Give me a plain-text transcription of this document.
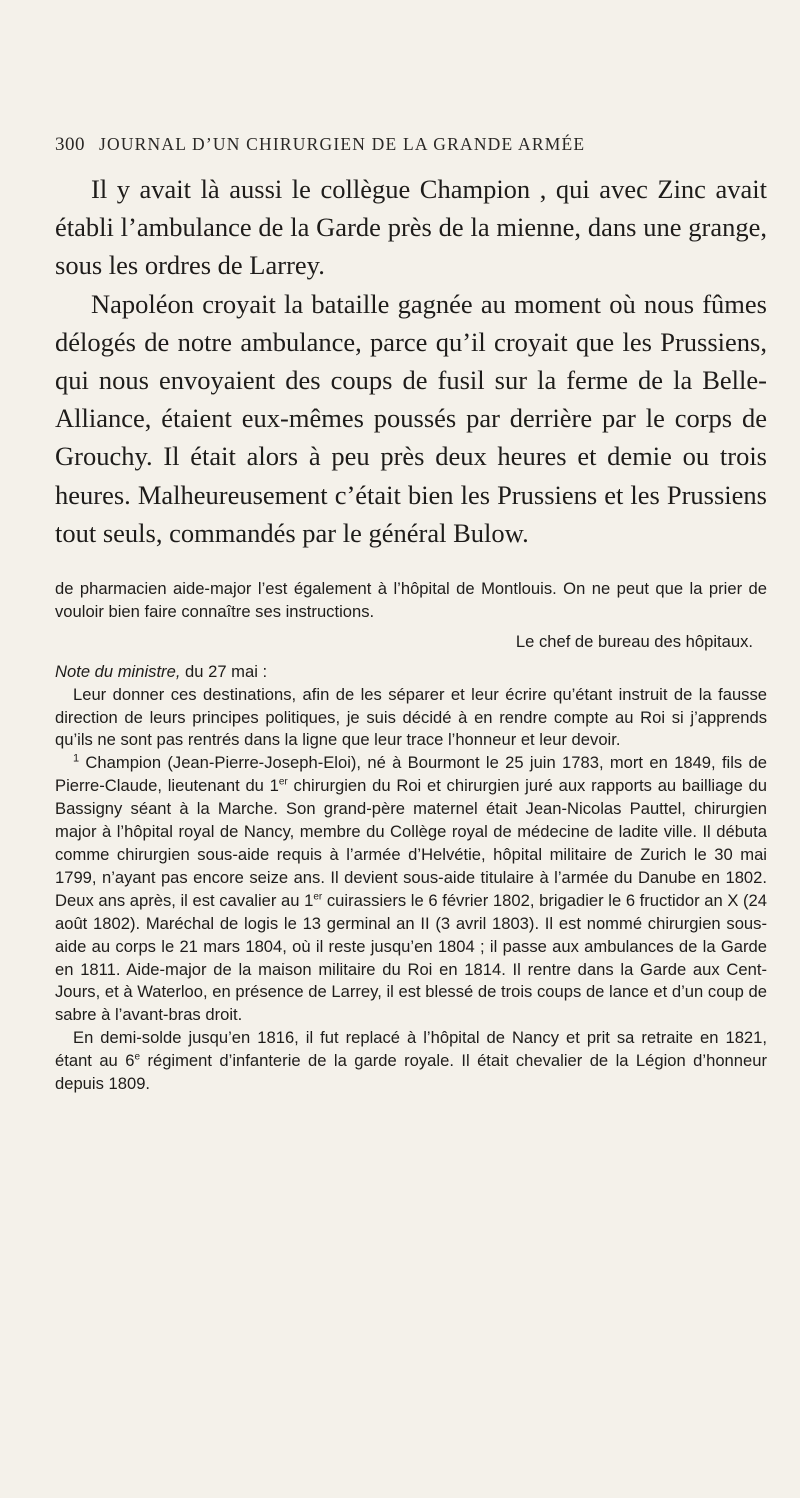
300 JOURNAL D’UN CHIRURGIEN DE LA GRANDE ARMÉE

Il y avait là aussi le collègue Champion , qui avec Zinc avait établi l’ambulance de la Garde près de la mienne, dans une grange, sous les ordres de Larrey.

Napoléon croyait la bataille gagnée au moment où nous fûmes délogés de notre ambulance, parce qu’il croyait que les Prussiens, qui nous envoyaient des coups de fusil sur la ferme de la Belle-Alliance, étaient eux-mêmes poussés par derrière par le corps de Grouchy. Il était alors à peu près deux heures et demie ou trois heures. Malheureusement c’était bien les Prussiens et les Prussiens tout seuls, commandés par le général Bulow.

de pharmacien aide-major l’est également à l’hôpital de Montlouis. On ne peut que la prier de vouloir bien faire connaître ses instructions.

Le chef de bureau des hôpitaux.

Note du ministre, du 27 mai :

Leur donner ces destinations, afin de les séparer et leur écrire qu’étant instruit de la fausse direction de leurs principes politiques, je suis décidé à en rendre compte au Roi si j’apprends qu’ils ne sont pas rentrés dans la ligne que leur trace l’honneur et leur devoir.

$^1$ Champion (Jean-Pierre-Joseph-Eloi), né à Bourmont le 25 juin 1783, mort en 1849, fils de Pierre-Claude, lieutenant du 1er chirurgien du Roi et chirurgien juré aux rapports au bailliage du Bassigny séant à la Marche. Son grand-père maternel était Jean-Nicolas Pauttel, chirurgien major à l’hôpital royal de Nancy, membre du Collège royal de médecine de ladite ville. Il débuta comme chirurgien sous-aide requis à l’armée d’Helvétie, hôpital militaire de Zurich le 30 mai 1799, n’ayant pas encore seize ans. Il devient sous-aide titulaire à l’armée du Danube en 1802. Deux ans après, il est cavalier au 1er cuirassiers le 6 février 1802, brigadier le 6 fructidor an X (24 août 1802). Maréchal de logis le 13 germinal an II (3 avril 1803). Il est nommé chirurgien sous-aide au corps le 21 mars 1804, où il reste jusqu’en 1804 ; il passe aux ambulances de la Garde en 1811. Aide-major de la maison militaire du Roi en 1814. Il rentre dans la Garde aux Cent-Jours, et à Waterloo, en présence de Larrey, il est blessé de trois coups de lance et d’un coup de sabre à l’avant-bras droit.

En demi-solde jusqu’en 1816, il fut replacé à l’hôpital de Nancy et prit sa retraite en 1821, étant au 6e régiment d’infanterie de la garde royale. Il était chevalier de la Légion d’honneur depuis 1809.
